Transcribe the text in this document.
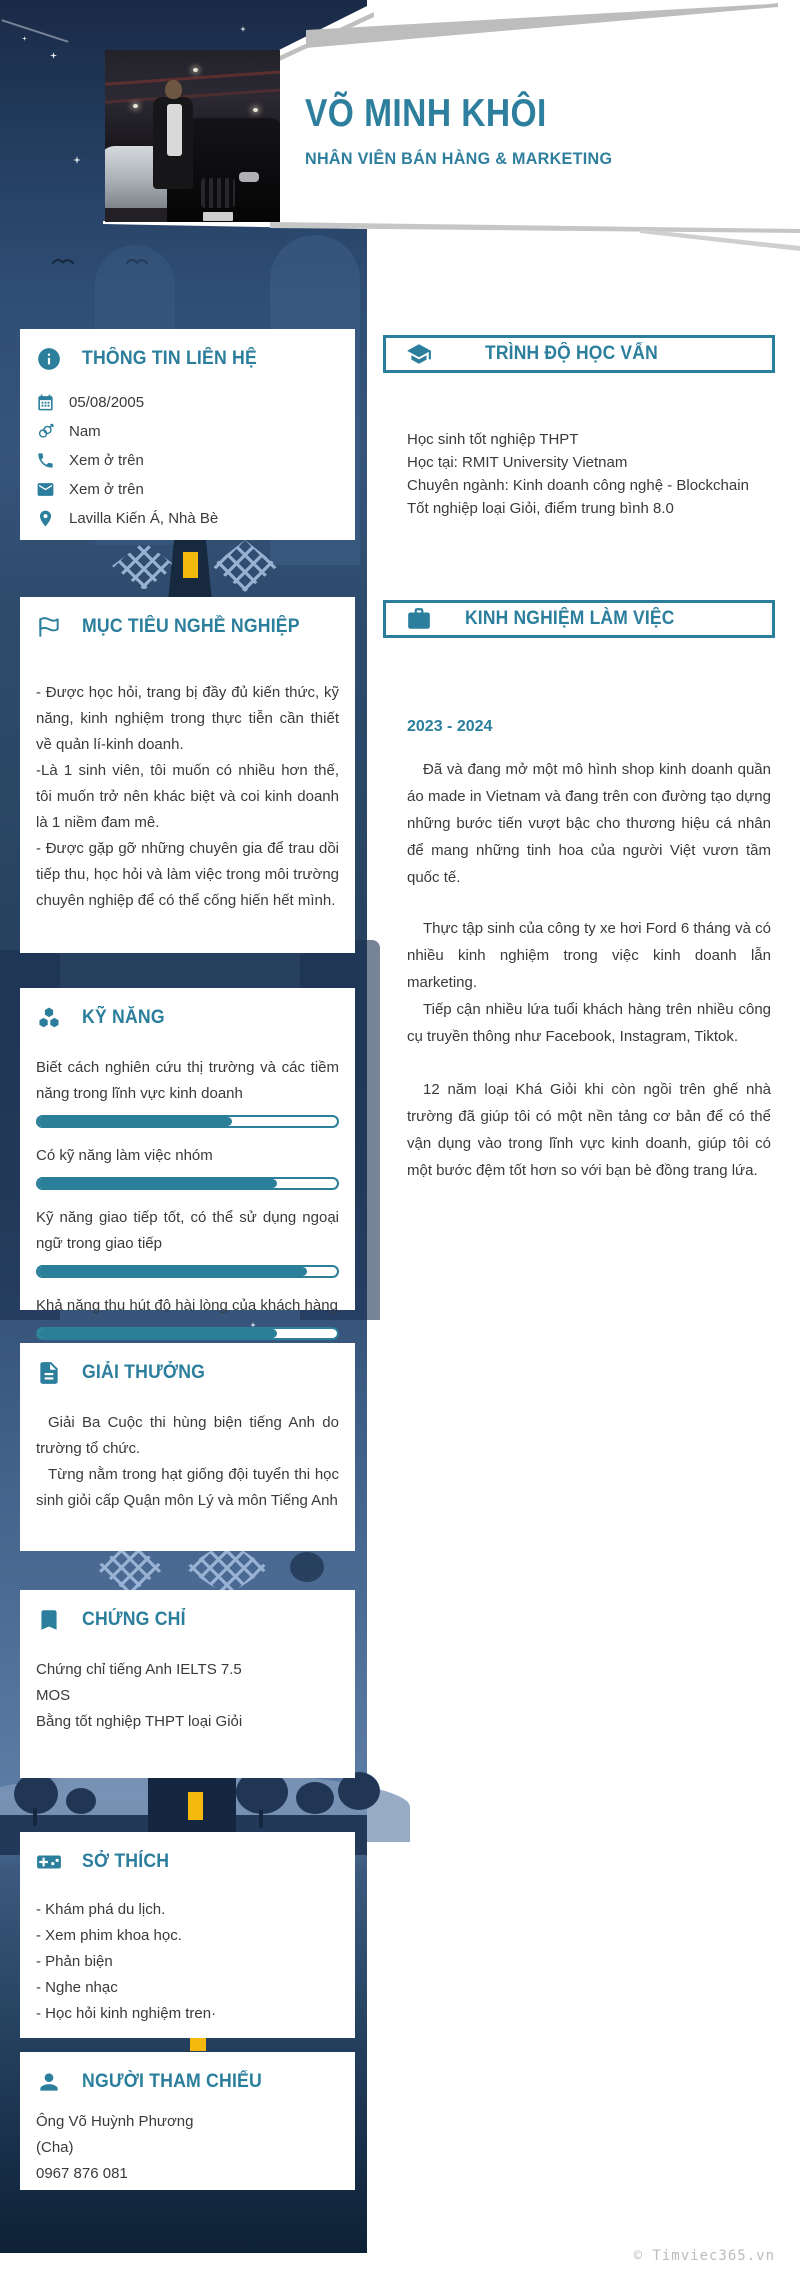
VÕ MINH KHÔI
NHÂN VIÊN BÁN HÀNG & MARKETING
THÔNG TIN LIÊN HỆ
05/08/2005
Nam
Xem ở trên
Xem ở trên
Lavilla Kiến Á, Nhà Bè
MỤC TIÊU NGHỀ NGHIỆP

- Được học hỏi, trang bị đầy đủ kiến thức, kỹ năng, kinh nghiệm trong thực tiễn cần thiết về quản lí-kinh doanh.

-Là 1 sinh viên, tôi muốn có nhiều hơn thế, tôi muốn trở nên khác biệt và coi kinh doanh là 1 niềm đam mê.

- Được gặp gỡ những chuyên gia để trau dồi tiếp thu, học hỏi và làm việc trong môi trường chuyên nghiệp để có thể cống hiến hết mình.

KỸ NĂNG

Biết cách nghiên cứu thị trường và các tiềm năng trong lĩnh vực kinh doanh

Có kỹ năng làm việc nhóm

Kỹ năng giao tiếp tốt, có thể sử dụng ngoại ngữ trong giao tiếp

Khả năng thu hút độ hài lòng của khách hàng

GIẢI THƯỞNG

Giải Ba Cuộc thi hùng biện tiếng Anh do trường tổ chức.

Từng nằm trong hạt giống đội tuyển thi học sinh giỏi cấp Quận môn Lý và môn Tiếng Anh

CHỨNG CHỈ

Chứng chỉ tiếng Anh IELTS 7.5

MOS

Bằng tốt nghiệp THPT loại Giỏi

SỞ THÍCH

- Khám phá du lịch.

- Xem phim khoa học.

- Phản biện

- Nghe nhạc

- Học hỏi kinh nghiệm tren·

NGƯỜI THAM CHIẾU

Ông Võ Huỳnh Phương

(Cha)

0967 876 081

TRÌNH ĐỘ HỌC VẤN

Học sinh tốt nghiệp THPT

Học tại: RMIT University Vietnam

Chuyên ngành: Kinh doanh công nghệ - Blockchain

Tốt nghiệp loại Giỏi, điểm trung bình 8.0

KINH NGHIỆM LÀM VIỆC

2023 - 2024

Đã và đang mở một mô hình shop kinh doanh quần áo made in Vietnam và đang trên con đường tạo dựng những bước tiến vượt bậc cho thương hiệu cá nhân để mang những tinh hoa của người Việt vươn tầm quốc tế.

Thực tập sinh của công ty xe hơi Ford 6 tháng và có nhiều kinh nghiệm trong việc kinh doanh lẫn marketing.

Tiếp cận nhiều lứa tuổi khách hàng trên nhiều công cụ truyền thông như Facebook, Instagram, Tiktok.

12 năm loại Khá Giỏi khi còn ngồi trên ghế nhà trường đã giúp tôi có một nền tảng cơ bản để có thể vận dụng vào trong lĩnh vực kinh doanh, giúp tôi có một bước đệm tốt hơn so với bạn bè đồng trang lứa.

© Timviec365.vn
